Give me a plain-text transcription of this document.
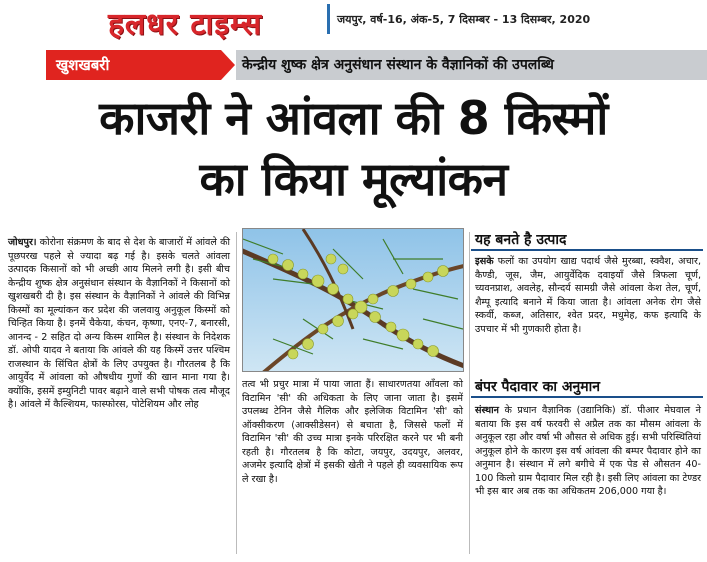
हलधर टाइम्स	जयपुर, वर्ष-16, अंक-5, 7 दिसम्बर - 13 दिसम्बर, 2020
खुशखबरी	केन्द्रीय शुष्क क्षेत्र अनुसंधान संस्थान के वैज्ञानिकों की उपलब्धि
काजरी ने आंवला की 8 किस्मों
का किया मूल्यांकन
जोधपुर। कोरोना संक्रमण के बाद से देश के बाजारों में आंवले की पूछपरख पहले से ज्यादा बढ़ गई है। इसके चलते आंवला उत्पादक किसानों को भी अच्छी आय मिलने लगी है। इसी बीच केन्द्रीय शुष्क क्षेत्र अनुसंधान संस्थान के वैज्ञानिकों ने किसानों को खुशखबरी दी है। इस संस्थान के वैज्ञानिकों ने आंवले की विभिन्न किस्मों का मूल्यांकन कर प्रदेश की जलवायु अनुकूल किस्मों को चिन्हित किया है। इनमें चैकेया, कंचन, कृष्णा, एनए-7, बनारसी, आनन्द - 2 सहित दो अन्य किस्म शामिल है। संस्थान के निदेशक डॉ. ओपी यादव ने बताया कि आंवले की यह किस्में उत्तर पश्चिम राजस्थान के सिंचित क्षेत्रों के लिए उपयुक्त है। गौरतलब है कि आयुर्वेद में आंवला को औषधीय गुणों की खान माना गया है। क्योंकि, इसमें इम्युनिटी पावर बढ़ाने वाले सभी पोषक तत्व मौजूद है। आंवले में कैल्शियम, फास्फोरस, पोटेशियम और लोह
तत्व भी प्रचुर मात्रा में पाया जाता हैं। साधारणतया आँवला को विटामिन 'सी' की अधिकता के लिए जाना जाता है। इसमें उपलब्ध टेनिन जैसे गैलिक और इलेजिक विटामिन 'सी' को ऑक्सीकरण (आक्सीडेसन) से बचाता है, जिससे फलों में विटामिन 'सी' की उच्च मात्रा इनके परिरक्षित करने पर भी बनी रहती है। गौरतलब है कि कोटा, जयपुर, उदयपुर, अलवर, अजमेर इत्यादि क्षेत्रों में इसकी खेती ने पहले ही व्यवसायिक रूप ले रखा है।
यह बनते है उत्पाद
इसके फलों का उपयोग खाद्य पदार्थ जैसे मुरब्बा, स्क्वैश, अचार, कैण्डी, जूस, जैम, आयुर्वेदिक दवाइयाँ जैसे त्रिफला चूर्ण, च्यवनप्राश, अवलेह, सौन्दर्य सामग्री जैसे आंवला केश तेल, चूर्ण, शैम्पू इत्यादि बनाने में किया जाता है। आंवला अनेक रोग जैसे स्कर्वी, कब्ज, अतिसार, श्वेत प्रदर, मधुमेह, कफ इत्यादि के उपचार में भी गुणकारी होता है।
बंपर पैदावार का अनुमान
संस्थान के प्रधान वैज्ञानिक (उद्यानिकि) डॉ. पीआर मेघवाल ने बताया कि इस वर्ष फरवरी से अप्रैल तक का मौसम आंवला के अनुकूल रहा और वर्षा भी औसत से अधिक हुई। सभी परिस्थितियां अनुकूल होने के कारण इस वर्ष आंवला की बम्पर पैदावार होने का अनुमान है। संस्थान में लगे बगीचे में एक पेड से औसतन 40-100 किलो ग्राम पैदावार मिल रही है। इसी लिए आंवला का टेण्डर भी इस बार अब तक का अधिकतम 206,000 गया है।
